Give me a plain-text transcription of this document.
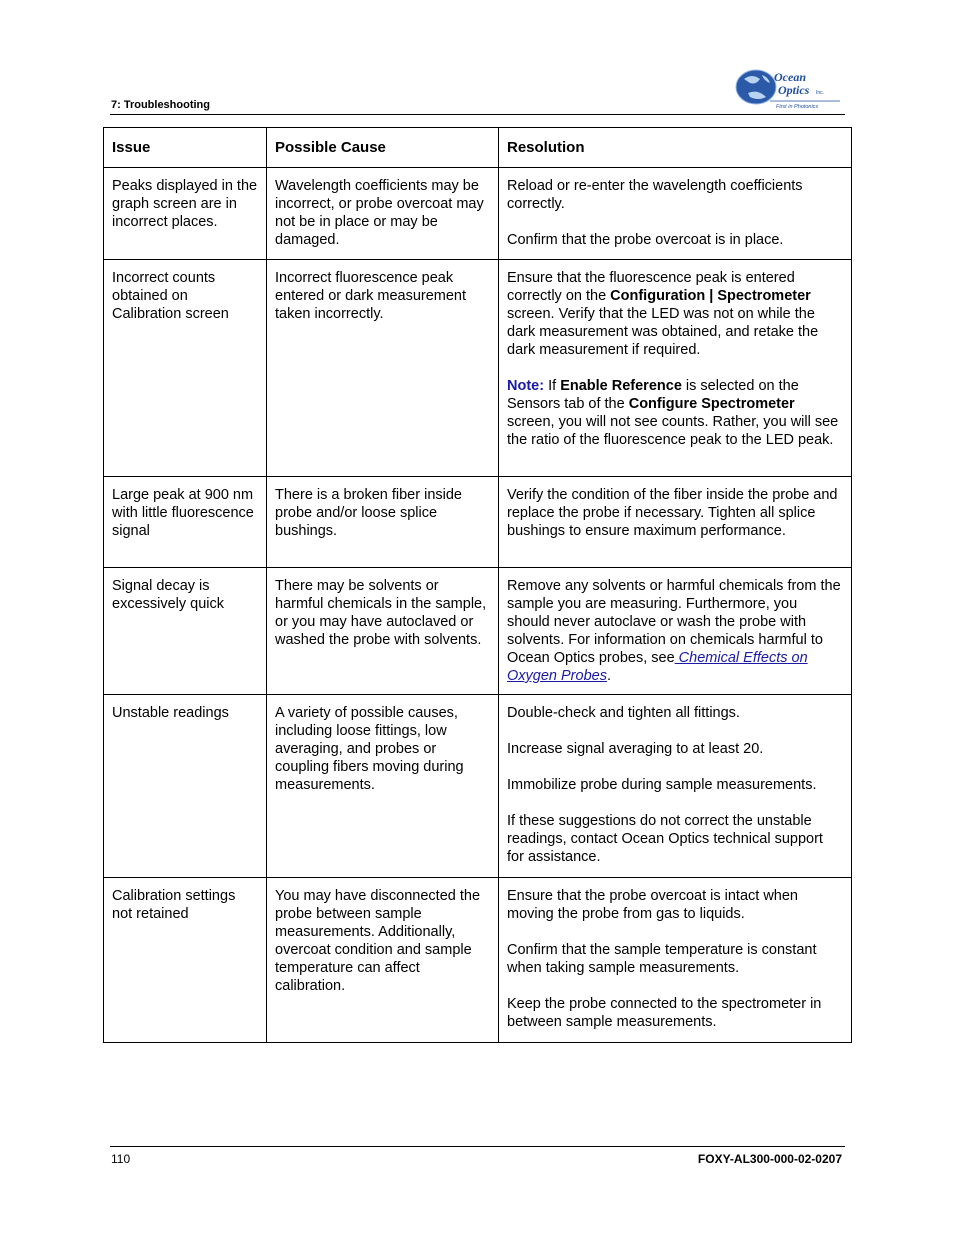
7: Troubleshooting
Ocean
Optics Inc.
First in Photonics
Issue	Possible Cause	Resolution
Peaks displayed in the graph screen are in incorrect places.	Wavelength coefficients may be incorrect, or probe overcoat may not be in place or may be damaged.	Reload or re-enter the wavelength coefficients correctly.

Confirm that the probe overcoat is in place.

Incorrect counts obtained on Calibration screen	Incorrect fluorescence peak entered or dark measurement taken incorrectly.	Ensure that the fluorescence peak is entered correctly on the Configuration | Spectrometer screen. Verify that the LED was not on while the dark measurement was obtained, and retake the dark measurement if required.

Note: If Enable Reference is selected on the Sensors tab of the Configure Spectrometer screen, you will not see counts. Rather, you will see the ratio of the fluorescence peak to the LED peak.

Large peak at 900 nm with little fluorescence signal	There is a broken fiber inside probe and/or loose splice bushings.	Verify the condition of the fiber inside the probe and replace the probe if necessary. Tighten all splice bushings to ensure maximum performance.

Signal decay is excessively quick	There may be solvents or harmful chemicals in the sample, or you may have autoclaved or washed the probe with solvents.	Remove any solvents or harmful chemicals from the sample you are measuring. Furthermore, you should never autoclave or wash the probe with solvents. For information on chemicals harmful to Ocean Optics probes, see Chemical Effects on Oxygen Probes.

Unstable readings	A variety of possible causes, including loose fittings, low averaging, and probes or coupling fibers moving during measurements.	Double-check and tighten all fittings.

Increase signal averaging to at least 20.

Immobilize probe during sample measurements.

If these suggestions do not correct the unstable readings, contact Ocean Optics technical support for assistance.

Calibration settings not retained	You may have disconnected the probe between sample measurements. Additionally, overcoat condition and sample temperature can affect calibration.	Ensure that the probe overcoat is intact when moving the probe from gas to liquids.

Confirm that the sample temperature is constant when taking sample measurements.

Keep the probe connected to the spectrometer in between sample measurements.

110	FOXY-AL300-000-02-0207
